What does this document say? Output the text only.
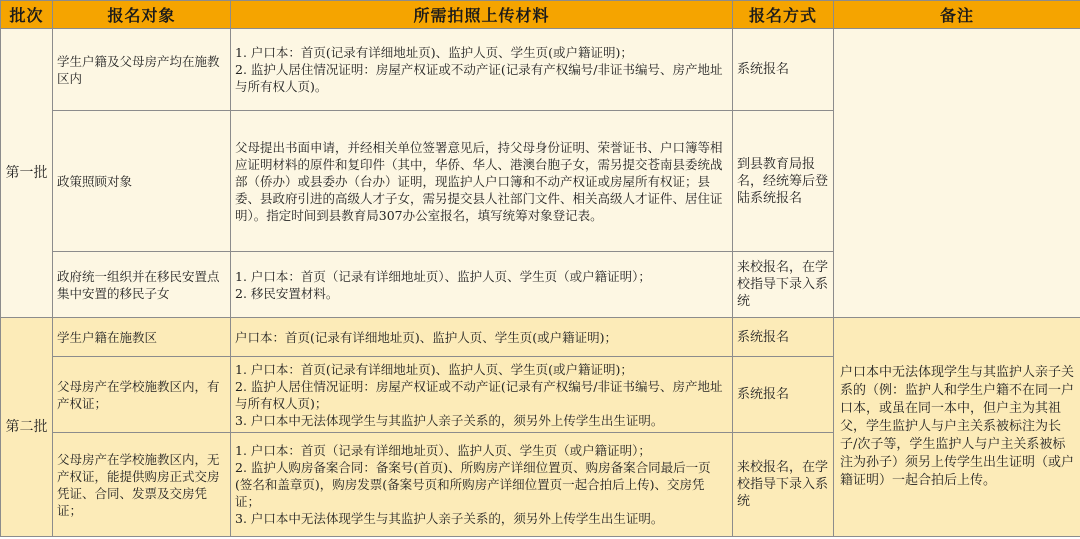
批次	报名对象	所需拍照上传材料	报名方式	备注
第一批	学生户籍及父母房产均在施教区内	1. 户口本：首页(记录有详细地址页)、监护人页、学生页(或户籍证明)；
2. 监护人居住情况证明：房屋产权证或不动产证(记录有产权编号/非证书编号、房产地址与所有权人页)。	系统报名	
	政策照顾对象	父母提出书面申请，并经相关单位签署意见后，持父母身份证明、荣誉证书、户口簿等相应证明材料的原件和复印件（其中，华侨、华人、港澳台胞子女，需另提交苍南县委统战部（侨办）或县委办（台办）证明，现监护人户口簿和不动产权证或房屋所有权证；县委、县政府引进的高级人才子女，需另提交县人社部门文件、相关高级人才证件、居住证明）。指定时间到县教育局307办公室报名，填写统筹对象登记表。	到县教育局报名，经统筹后登陆系统报名	
	政府统一组织并在移民安置点集中安置的移民子女	1. 户口本：首页（记录有详细地址页）、监护人页、学生页（或户籍证明）；
2. 移民安置材料。	来校报名，在学校指导下录入系统	
第二批	学生户籍在施教区	户口本：首页(记录有详细地址页)、监护人页、学生页(或户籍证明)；	系统报名	户口本中无法体现学生与其监护人亲子关系的（例：监护人和学生户籍不在同一户口本，或虽在同一本中，但户主为其祖父，学生监护人与户主关系被标注为长子/次子等，学生监护人与户主关系被标注为孙子）须另上传学生出生证明（或户籍证明）一起合拍后上传。
	父母房产在学校施教区内，有产权证；	1. 户口本：首页(记录有详细地址页)、监护人页、学生页(或户籍证明)；
2. 监护人居住情况证明：房屋产权证或不动产证(记录有产权编号/非证书编号、房产地址与所有权人页)；
3. 户口本中无法体现学生与其监护人亲子关系的，须另外上传学生出生证明。	系统报名	
	父母房产在学校施教区内，无产权证，能提供购房正式交房凭证、合同、发票及交房凭证；	1. 户口本：首页（记录有详细地址页）、监护人页、学生页（或户籍证明）；
2. 监护人购房备案合同：备案号(首页)、所购房产详细位置页、购房备案合同最后一页(签名和盖章页)，购房发票(备案号页和所购房产详细位置页一起合拍后上传)、交房凭证；
3. 户口本中无法体现学生与其监护人亲子关系的，须另外上传学生出生证明。	来校报名，在学校指导下录入系统	
